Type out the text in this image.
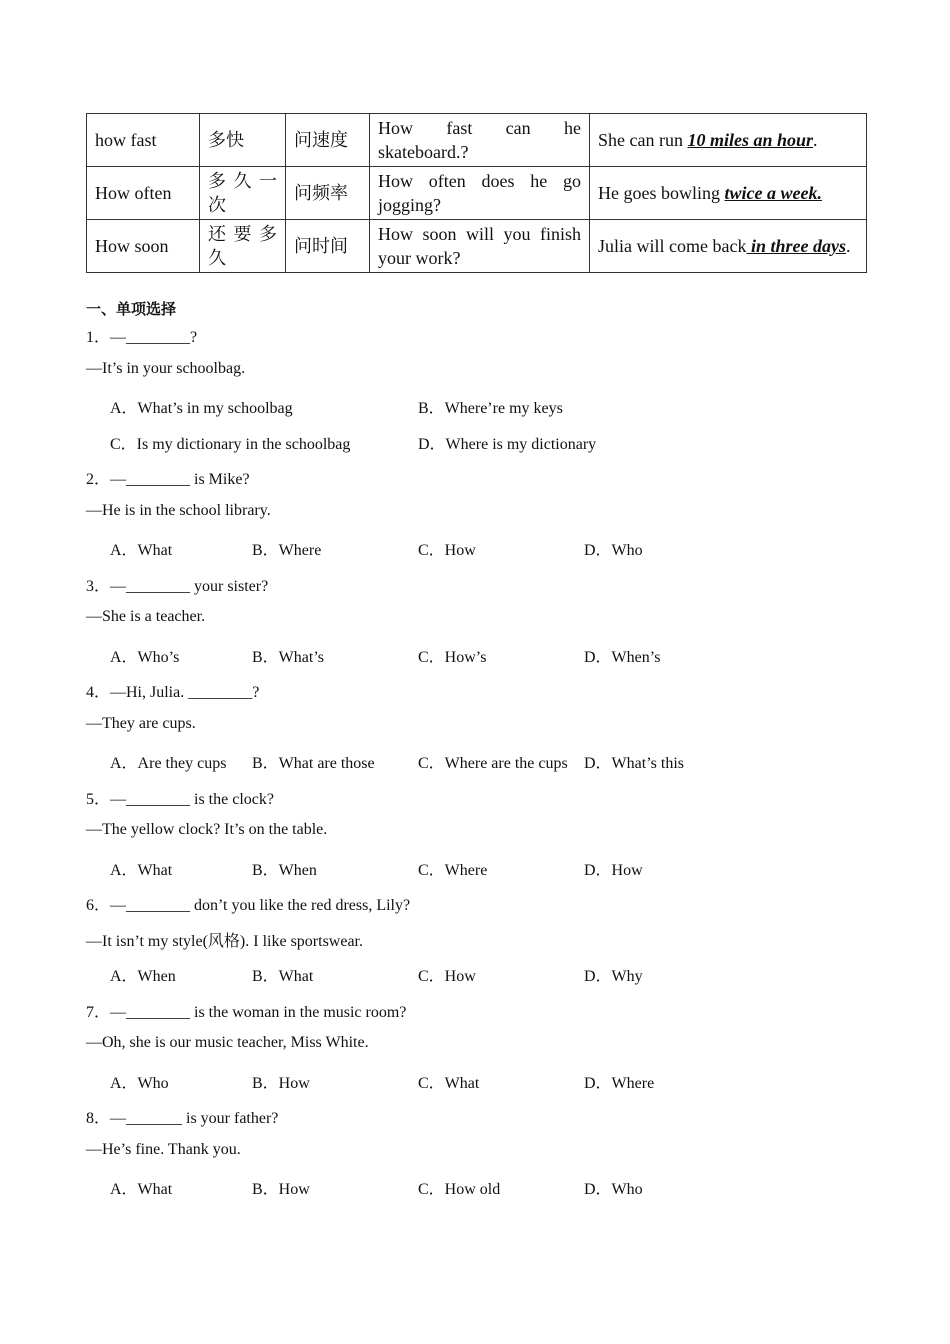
how fast	多快	问速度	How fast can he skateboard.?	She can run 10 miles an hour.
How often	多久一次	问频率	How often does he go jogging?	He goes bowling twice a week.
How soon	还要多久	问时间	How soon will you finish your work?	Julia will come back in three days.
一、单项选择
1．—________?
—It’s in your schoolbag.
A．What’s in my schoolbag	B．Where’re my keys
C．Is my dictionary in the schoolbag	D．Where is my dictionary
2．—________ is Mike?
—He is in the school library.
A．What	B．Where	C．How	D．Who
3．—________ your sister?
—She is a teacher.
A．Who’s	B．What’s	C．How’s	D．When’s
4．—Hi, Julia. ________?
—They are cups.
A．Are they cups B．What are those	C．Where are the cups D．What’s this
5．—________ is the clock?
—The yellow clock? It’s on the table.
A．What	B．When	C．Where	D．How
6．—________ don’t you like the red dress, Lily?
—It isn’t my style(风格). I like sportswear.
A．When	B．What	C．How	D．Why
7．—________ is the woman in the music room?
—Oh, she is our music teacher, Miss White.
A．Who	B．How	C．What	D．Where
8．—_______ is your father?
—He’s fine. Thank you.
A．What	B．How	C．How old	D．Who
